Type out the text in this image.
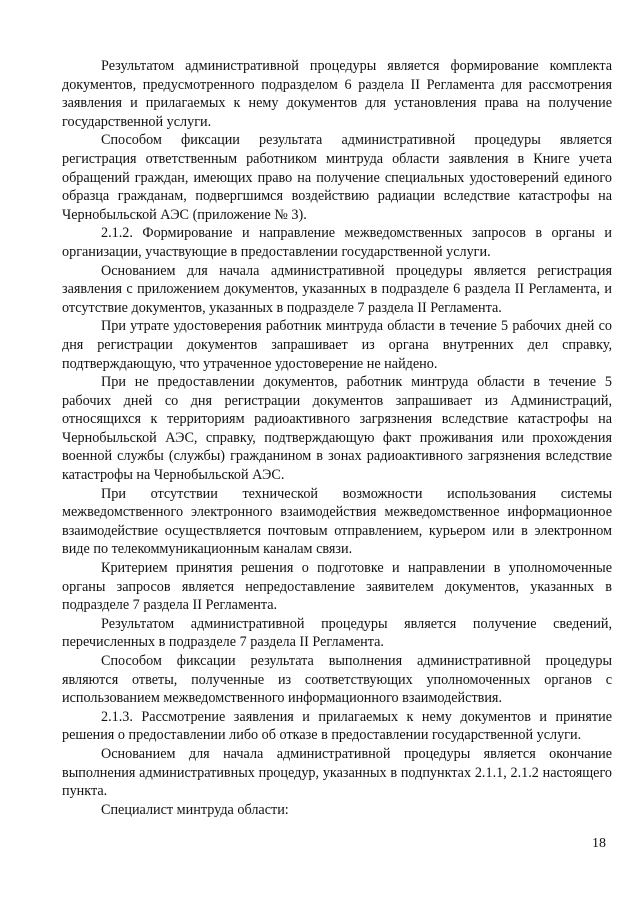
Результатом административной процедуры является формирование комплекта документов, предусмотренного подразделом 6 раздела II Регламента для рассмотрения заявления и прилагаемых к нему документов для установления права на получение государственной услуги.

Способом фиксации результата административной процедуры является регистрация ответственным работником минтруда области заявления в Книге учета обращений граждан, имеющих право на получение специальных удостоверений единого образца гражданам, подвергшимся воздействию радиации вследствие катастрофы на Чернобыльской АЭС (приложение № 3).

2.1.2. Формирование и направление межведомственных запросов в органы и организации, участвующие в предоставлении государственной услуги.

Основанием для начала административной процедуры является регистрация заявления с приложением документов, указанных в подразделе 6 раздела II Регламента, и отсутствие документов, указанных в подразделе 7 раздела II Регламента.

При утрате удостоверения работник минтруда области в течение 5 рабочих дней со дня регистрации документов запрашивает из органа внутренних дел справку, подтверждающую, что утраченное удостоверение не найдено.

При не предоставлении документов, работник минтруда области в течение 5 рабочих дней со дня регистрации документов запрашивает из Администраций, относящихся к территориям радиоактивного загрязнения вследствие катастрофы на Чернобыльской АЭС, справку, подтверждающую факт проживания или прохождения военной службы (службы) гражданином в зонах радиоактивного загрязнения вследствие катастрофы на Чернобыльской АЭС.

При отсутствии технической возможности использования системы межведомственного электронного взаимодействия межведомственное информационное взаимодействие осуществляется почтовым отправлением, курьером или в электронном виде по телекоммуникационным каналам связи.

Критерием принятия решения о подготовке и направлении в уполномоченные органы запросов является непредоставление заявителем документов, указанных в подразделе 7 раздела II Регламента.

Результатом административной процедуры является получение сведений, перечисленных в подразделе 7 раздела II Регламента.

Способом фиксации результата выполнения административной процедуры являются ответы, полученные из соответствующих уполномоченных органов с использованием межведомственного информационного взаимодействия.

2.1.3. Рассмотрение заявления и прилагаемых к нему документов и принятие решения о предоставлении либо об отказе в предоставлении государственной услуги.

Основанием для начала административной процедуры является окончание выполнения административных процедур, указанных в подпунктах 2.1.1, 2.1.2 настоящего пункта.

Специалист минтруда области:

18
